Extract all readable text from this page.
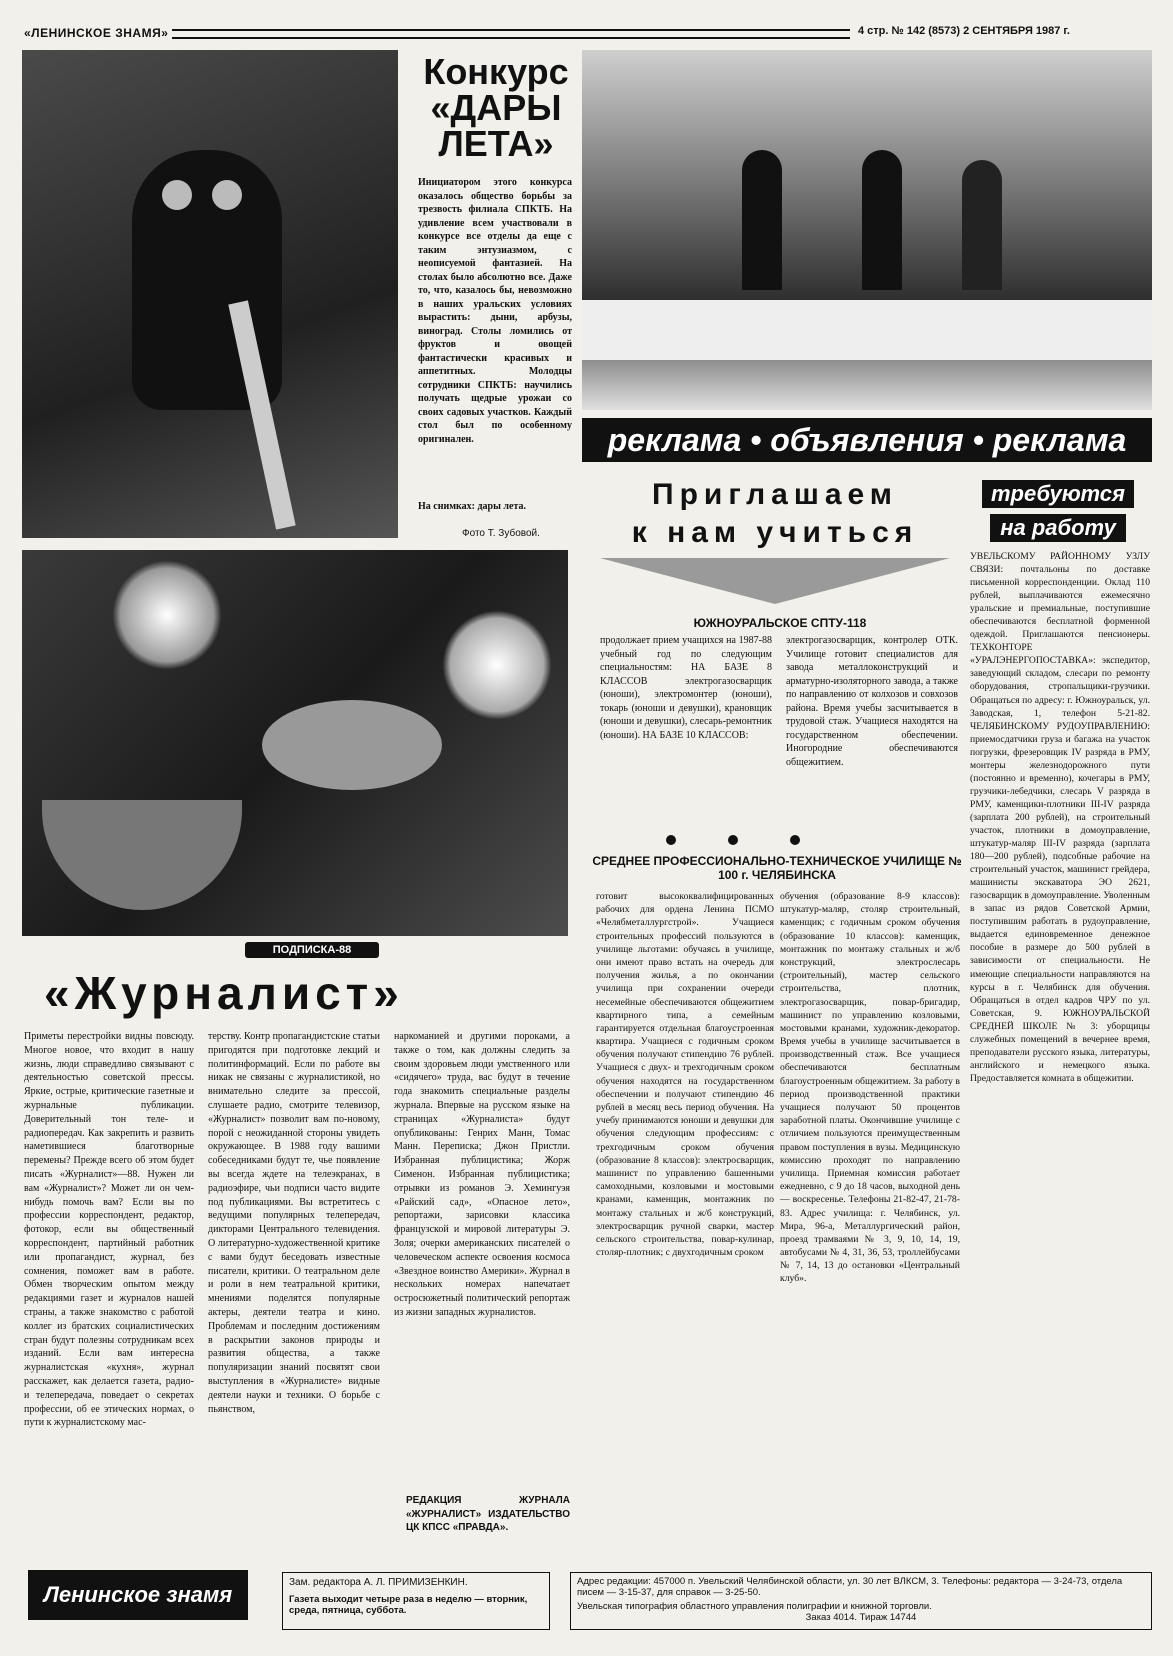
«ЛЕНИНСКОЕ ЗНАМЯ»	4 стр. № 142 (8573) 2 СЕНТЯБРЯ 1987 г.
Конкурс «ДАРЫ ЛЕТА»
Инициатором этого конкурса оказалось общество борьбы за трезвость филиала СПКТБ. На удивление всем участвовали в конкурсе все отделы да еще с таким энтузиазмом, с неописуемой фантазией. На столах было абсолютно все. Даже то, что, казалось бы, невозможно в наших уральских условиях вырастить: дыни, арбузы, виноград. Столы ломились от фруктов и овощей фантастически красивых и аппетитных. Молодцы сотрудники СПКТБ: научились получать щедрые урожаи со своих садовых участков. Каждый стол был по особенному оригинален.
На снимках: дары лета.
Фото Т. Зубовой.
реклама • объявления • реклама
Приглашаем
к нам учиться
требуются
на работу
УВЕЛЬСКОМУ РАЙОННОМУ УЗЛУ СВЯЗИ: почтальоны по доставке письменной корреспонденции. Оклад 110 рублей, выплачиваются ежемесячно уральские и премиальные, поступившие обеспечиваются бесплатной форменной одеждой. Приглашаются пенсионеры. ТЕХКОНТОРЕ «УРАЛЭНЕРГОПОСТАВКА»: экспедитор, заведующий складом, слесари по ремонту оборудования, стропальщики-грузчики. Обращаться по адресу: г. Южноуральск, ул. Заводская, 1, телефон 5-21-82. ЧЕЛЯБИНСКОМУ РУДОУПРАВЛЕНИЮ: приемосдатчики груза и багажа на участок погрузки, фрезеровщик IV разряда в РМУ, монтеры железнодорожного пути (постоянно и временно), кочегары в РМУ, грузчики-лебедчики, слесарь V разряда в РМУ, каменщики-плотники III-IV разряда (зарплата 200 рублей), на строительный участок, плотники в домоуправление, штукатур-маляр III-IV разряда (зарплата 180—200 рублей), подсобные рабочие на строительный участок, машинист грейдера, машинисты экскаватора ЭО 2621, газосварщик в домоуправление. Уволенным в запас из рядов Советской Армии, поступившим работать в рудоуправление, выдается единовременное денежное пособие в размере до 500 рублей в зависимости от специальности. Не имеющие специальности направляются на курсы в г. Челябинск для обучения. Обращаться в отдел кадров ЧРУ по ул. Советская, 9. ЮЖНОУРАЛЬСКОЙ СРЕДНЕЙ ШКОЛЕ № 3: уборщицы служебных помещений в вечернее время, преподаватели русского языка, литературы, английского и немецкого языка. Предоставляется комната в общежитии.
ЮЖНОУРАЛЬСКОЕ СПТУ-118
продолжает прием учащихся на 1987-88 учебный год по следующим специальностям: НА БАЗЕ 8 КЛАССОВ электрогазосварщик (юноши), электромонтер (юноши), токарь (юноши и девушки), крановщик (юноши и девушки), слесарь-ремонтник (юноши). НА БАЗЕ 10 КЛАССОВ:
электрогазосварщик, контролер ОТК. Училище готовит специалистов для завода металлоконструкций и арматурно-изоляторного завода, а также по направлению от колхозов и совхозов района. Время учебы засчитывается в трудовой стаж. Учащиеся находятся на государственном обеспечении. Иногородние обеспечиваются общежитием.
СРЕДНЕЕ ПРОФЕССИОНАЛЬНО-ТЕХНИЧЕСКОЕ УЧИЛИЩЕ № 100 г. ЧЕЛЯБИНСКА
готовит высококвалифицированных рабочих для ордена Ленина ПСМО «Челябметаллургстрой». Учащиеся строительных профессий пользуются в училище льготами: обучаясь в училище, они имеют право встать на очередь для получения жилья, а по окончании училища при сохранении очереди несемейные обеспечиваются общежитием квартирного типа, а семейным гарантируется отдельная благоустроенная квартира. Учащиеся с годичным сроком обучения получают стипендию 76 рублей. Учащиеся с двух- и трехгодичным сроком обучения находятся на государственном обеспечении и получают стипендию 46 рублей в месяц весь период обучения. На учебу принимаются юноши и девушки для обучения следующим профессиям: с трехгодичным сроком обучения (образование 8 классов): электросварщик, машинист по управлению башенными самоходными, козловыми и мостовыми кранами, каменщик, монтажник по монтажу стальных и ж/б конструкций, электросварщик ручной сварки, мастер сельского строительства, повар-кулинар, столяр-плотник; с двухгодичным сроком
обучения (образование 8-9 классов): штукатур-маляр, столяр строительный, каменщик; с годичным сроком обучения (образование 10 классов): каменщик, монтажник по монтажу стальных и ж/б конструкций, электрослесарь (строительный), мастер сельского строительства, плотник, электрогазосварщик, повар-бригадир, машинист по управлению козловыми, мостовыми кранами, художник-декоратор. Время учебы в училище засчитывается в производственный стаж. Все учащиеся обеспечиваются бесплатным благоустроенным общежитием. За работу в период производственной практики учащиеся получают 50 процентов заработной платы. Окончившие училище с отличием пользуются преимущественным правом поступления в вузы. Медицинскую комиссию проходят по направлению училища. Приемная комиссия работает ежедневно, с 9 до 18 часов, выходной день — воскресенье. Телефоны 21-82-47, 21-78-83. Адрес училища: г. Челябинск, ул. Мира, 96-а, Металлургический район, проезд трамваями № 3, 9, 10, 14, 19, автобусами № 4, 31, 36, 53, троллейбусами № 7, 14, 13 до остановки «Центральный клуб».
ПОДПИСКА-88
«Журналист»
Приметы перестройки видны повсюду. Многое новое, что входит в нашу жизнь, люди справедливо связывают с деятельностью советской прессы. Яркие, острые, критические газетные и журнальные публикации. Доверительный тон теле- и радиопередач. Как закрепить и развить наметившиеся благотворные перемены? Прежде всего об этом будет писать «Журналист»—88. Нужен ли вам «Журналист»? Может ли он чем-нибудь помочь вам? Если вы по профессии корреспондент, редактор, фотокор, если вы общественный корреспондент, партийный работник или пропагандист, журнал, без сомнения, поможет вам в работе. Обмен творческим опытом между редакциями газет и журналов нашей страны, а также знакомство с работой коллег из братских социалистических стран будут полезны сотрудникам всех изданий. Если вам интересна журналистская «кухня», журнал расскажет, как делается газета, радио- и телепередача, поведает о секретах профессии, об ее этических нормах, о пути к журналистскому мас-
терству. Контр пропагандистские статьи пригодятся при подготовке лекций и политинформаций. Если по работе вы никак не связаны с журналистикой, но внимательно следите за прессой, слушаете радио, смотрите телевизор, «Журналист» позволит вам по-новому, порой с неожиданной стороны увидеть окружающее. В 1988 году вашими собеседниками будут те, чье появление вы всегда ждете на телеэкранах, в радиоэфире, чьи подписи часто видите под публикациями. Вы встретитесь с ведущими популярных телепередач, дикторами Центрального телевидения. О литературно-художественной критике с вами будут беседовать известные писатели, критики. О театральном деле и роли в нем театральной критики, мнениями поделятся популярные актеры, деятели театра и кино. Проблемам и последним достижениям в раскрытии законов природы и развития общества, а также популяризации знаний посвятят свои выступления в «Журналисте» видные деятели науки и техники. О борьбе с пьянством,
наркоманией и другими пороками, а также о том, как должны следить за своим здоровьем люди умственного или «сидячего» труда, вас будут в течение года знакомить специальные разделы журнала. Впервые на русском языке на страницах «Журналиста» будут опубликованы: Генрих Манн, Томас Манн. Переписка; Джон Пристли. Избранная публицистика; Жорж Сименон. Избранная публицистика; отрывки из романов Э. Хемингуэя «Райский сад», «Опасное лето», репортажи, зарисовки классика французской и мировой литературы Э. Золя; очерки американских писателей о человеческом аспекте освоения космоса «Звездное воинство Америки». Журнал в нескольких номерах напечатает остросюжетный политический репортаж из жизни западных журналистов.
РЕДАКЦИЯ ЖУРНАЛА «ЖУРНАЛИСТ» ИЗДАТЕЛЬСТВО ЦК КПСС «ПРАВДА».
Ленинское знамя	Зам. редактора А. Л. ПРИМИЗЕНКИН.
Газета выходит четыре раза в неделю — вторник, среда, пятница, суббота.
Адрес редакции: 457000 п. Увельский Челябинской области, ул. 30 лет ВЛКСМ, 3. Телефоны: редактора — 3-24-73, отдела писем — 3-15-37, для справок — 3-25-50.
Увельская типография областного управления полиграфии и книжной торговли.
Заказ 4014. Тираж 14744
